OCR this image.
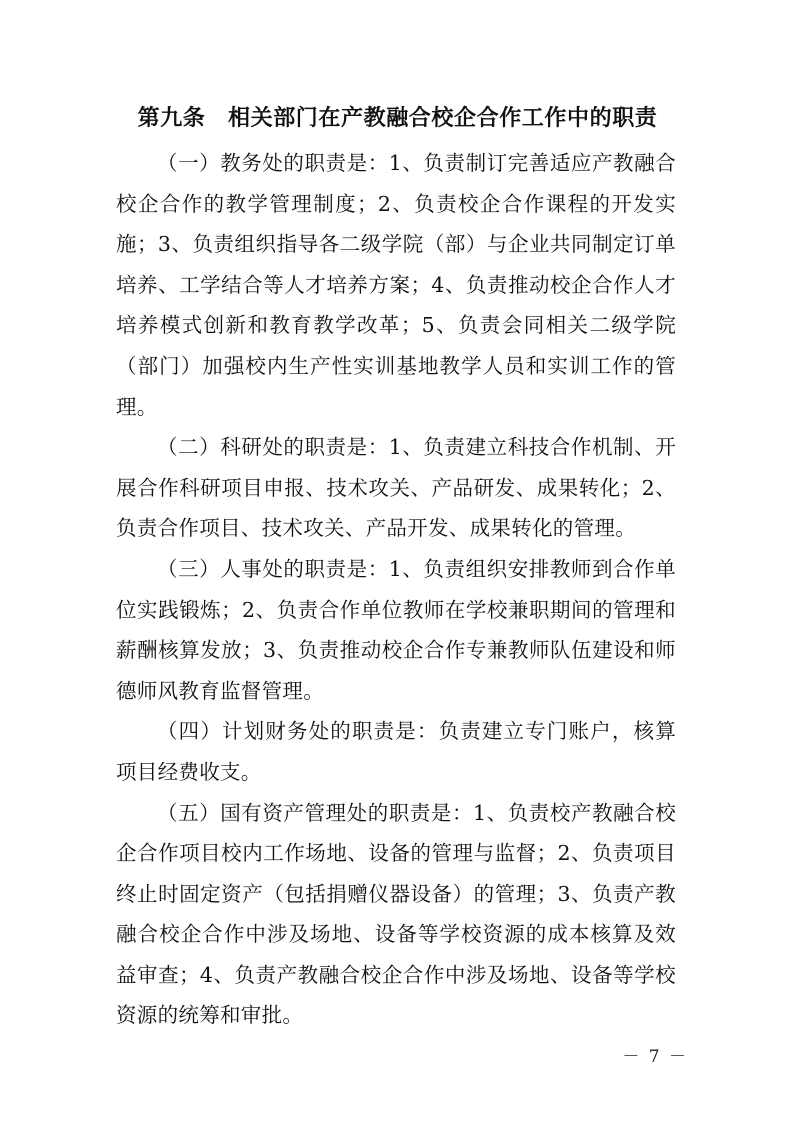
第九条　相关部门在产教融合校企合作工作中的职责

（一）教务处的职责是：1、负责制订完善适应产教融合校企合作的教学管理制度；2、负责校企合作课程的开发实施；3、负责组织指导各二级学院（部）与企业共同制定订单培养、工学结合等人才培养方案；4、负责推动校企合作人才培养模式创新和教育教学改革；5、负责会同相关二级学院（部门）加强校内生产性实训基地教学人员和实训工作的管理。

（二）科研处的职责是：1、负责建立科技合作机制、开展合作科研项目申报、技术攻关、产品研发、成果转化；2、负责合作项目、技术攻关、产品开发、成果转化的管理。

（三）人事处的职责是：1、负责组织安排教师到合作单位实践锻炼；2、负责合作单位教师在学校兼职期间的管理和薪酬核算发放；3、负责推动校企合作专兼教师队伍建设和师德师风教育监督管理。

（四）计划财务处的职责是：负责建立专门账户，核算项目经费收支。

（五）国有资产管理处的职责是：1、负责校产教融合校企合作项目校内工作场地、设备的管理与监督；2、负责项目终止时固定资产（包括捐赠仪器设备）的管理；3、负责产教融合校企合作中涉及场地、设备等学校资源的成本核算及效益审查；4、负责产教融合校企合作中涉及场地、设备等学校资源的统筹和审批。

－ 7 －
